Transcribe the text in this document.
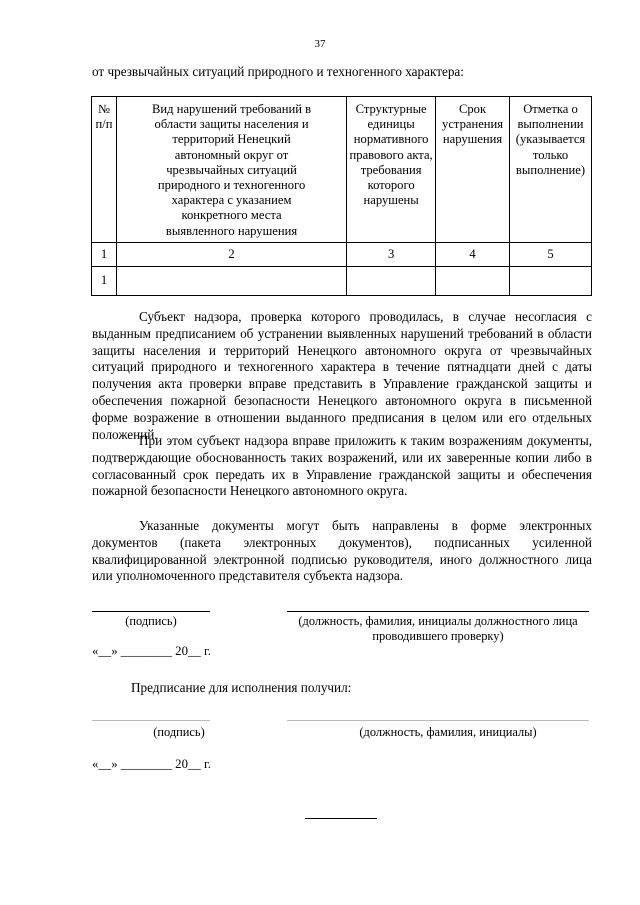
37
от чрезвычайных ситуаций природного и техногенного характера:
№ п/п	Вид нарушений требований в области защиты населения и территорий Ненецкий автономный округ от чрезвычайных ситуаций природного и техногенного характера с указанием конкретного места выявленного нарушения	Структурные единицы нормативного правового акта, требования которого нарушены	Срок устранения нарушения	Отметка о выполнении (указывается только выполнение)
1	2	3	4	5
1				

Субъект надзора, проверка которого проводилась, в случае несогласия с выданным предписанием об устранении выявленных нарушений требований в области защиты населения и территорий Ненецкого автономного округа от чрезвычайных ситуаций природного и техногенного характера в течение пятнадцати дней с даты получения акта проверки вправе представить в Управление гражданской защиты и обеспечения пожарной безопасности Ненецкого автономного округа в письменной форме возражение в отношении выданного предписания в целом или его отдельных положений.

При этом субъект надзора вправе приложить к таким возражениям документы, подтверждающие обоснованность таких возражений, или их заверенные копии либо в согласованный срок передать их в Управление гражданской защиты и обеспечения пожарной безопасности Ненецкого автономного округа.

Указанные документы могут быть направлены в форме электронных документов (пакета электронных документов), подписанных усиленной квалифицированной электронной подписью руководителя, иного должностного лица или уполномоченного представителя субъекта надзора.

(подпись)	(должность, фамилия, инициалы должностного лица проводившего проверку)
«__» ________ 20__ г.
Предписание для исполнения получил:
(подпись)	(должность, фамилия, инициалы)
«__» ________ 20__ г.
